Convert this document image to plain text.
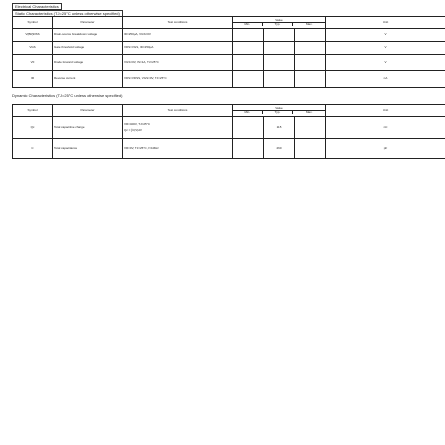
Electrical Characteristics
Static Characteristics (TJ=25°C unless otherwise specified)
Symbol	Parameter	Test conditions	
Value
Min.	Typ.	Max.
	Unit
V(BR)DSS	Drain-source breakdown voltage	ID=250μA, VGS=0V				V
VGS	Gate threshold voltage	VDS=VGS, ID=250μA				V
VF	Diode forward voltage	VGS=0V, IS=1A, TJ=25°C				V
IR	Reverse current	VDS=VDSS, VGS=0V, TJ=25°C				nA
Dynamic Characteristics (TJ=25°C unless otherwise specified)
Symbol	Parameter	Test conditions	
Value
Min.	Typ.	Max.
	Unit
Qc	Total capacitive charge	
VR=400V, TJ=25°C
Qc = ∫C(V)dV
		115		nC
C	Total capacitance	VR=0V, TJ=25°C, f=1MHz		260		pF
